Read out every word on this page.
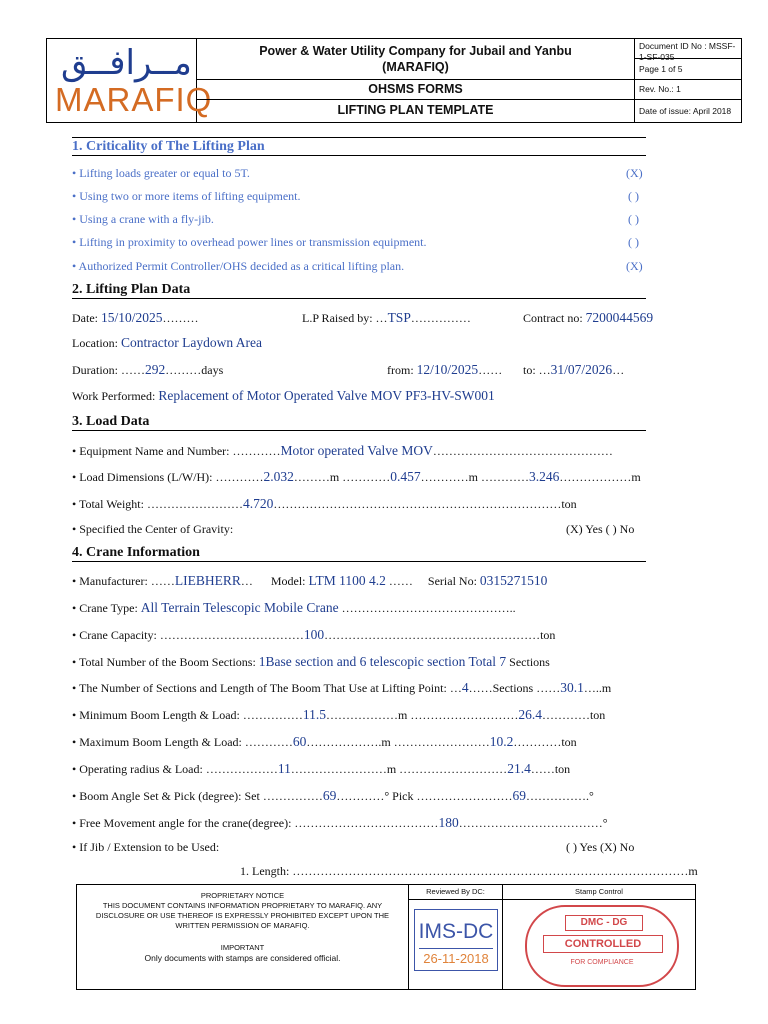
مــرافــق
MARAFIQ
Power & Water Utility Company for Jubail and Yanbu
(MARAFIQ)
OHSMS FORMS
LIFTING PLAN TEMPLATE
Document ID No : MSSF-1-SF-035
Page 1 of 5
Rev. No.: 1
Date of issue: April 2018
1. Criticality of The Lifting Plan
• Lifting loads greater or equal to 5T.	(X)
• Using two or more items of lifting equipment.	( )
• Using a crane with a fly-jib.	( )
• Lifting in proximity to overhead power lines or transmission equipment.	( )
• Authorized Permit Controller/OHS decided as a critical lifting plan.	(X)
2. Lifting Plan Data
Date: 15/10/2025………	L.P Raised by: …TSP……………	Contract no: 7200044569
Location: Contractor Laydown Area
Duration: ……292………days	from: 12/10/2025…… to: …31/07/2026…
Work Performed: Replacement of Motor Operated Valve MOV PF3-HV-SW001
3. Load Data
• Equipment Name and Number: …………Motor operated Valve MOV………………………………………
• Load Dimensions (L/W/H): …………2.032………m …………0.457…………m …………3.246………………m
• Total Weight: ……………………4.720………………………………………………………………ton
• Specified the Center of Gravity:	(X) Yes ( ) No
4. Crane Information
• Manufacturer: ……LIEBHERR… Model: LTM 1100 4.2 …… Serial No: 0315271510
• Crane Type: All Terrain Telescopic Mobile Crane ……………………………………..
• Crane Capacity: ………………………………100………………………………………………ton
• Total Number of the Boom Sections: 1Base section and 6 telescopic section Total 7 Sections
• The Number of Sections and Length of The Boom That Use at Lifting Point: …4……Sections ……30.1…..m
• Minimum Boom Length & Load: ……………11.5………………m ………………………26.4…………ton
• Maximum Boom Length & Load: …………60……………….m ……………………10.2…………ton
• Operating radius & Load: ………………11……………………m ………………………21.4……ton
• Boom Angle Set & Pick (degree): Set ……………69…………° Pick ……………………69…………….°
• Free Movement angle for the crane(degree): ………………………………180………………………………°
• If Jib / Extension to be Used:	( ) Yes (X) No
1. Length: ………………………………………………………………………………………m
PROPRIETARY NOTICE
THIS DOCUMENT CONTAINS INFORMATION PROPRIETARY TO MARAFIQ. ANY DISCLOSURE OR USE THEREOF IS EXPRESSLY PROHIBITED EXCEPT UPON THE WRITTEN PERMISSION OF MARAFIQ.
IMPORTANT
Only documents with stamps are considered official.
Reviewed By DC:
IMS-DC
26-11-2018
Stamp Control
DMC - DG
CONTROLLED
FOR COMPLIANCE
